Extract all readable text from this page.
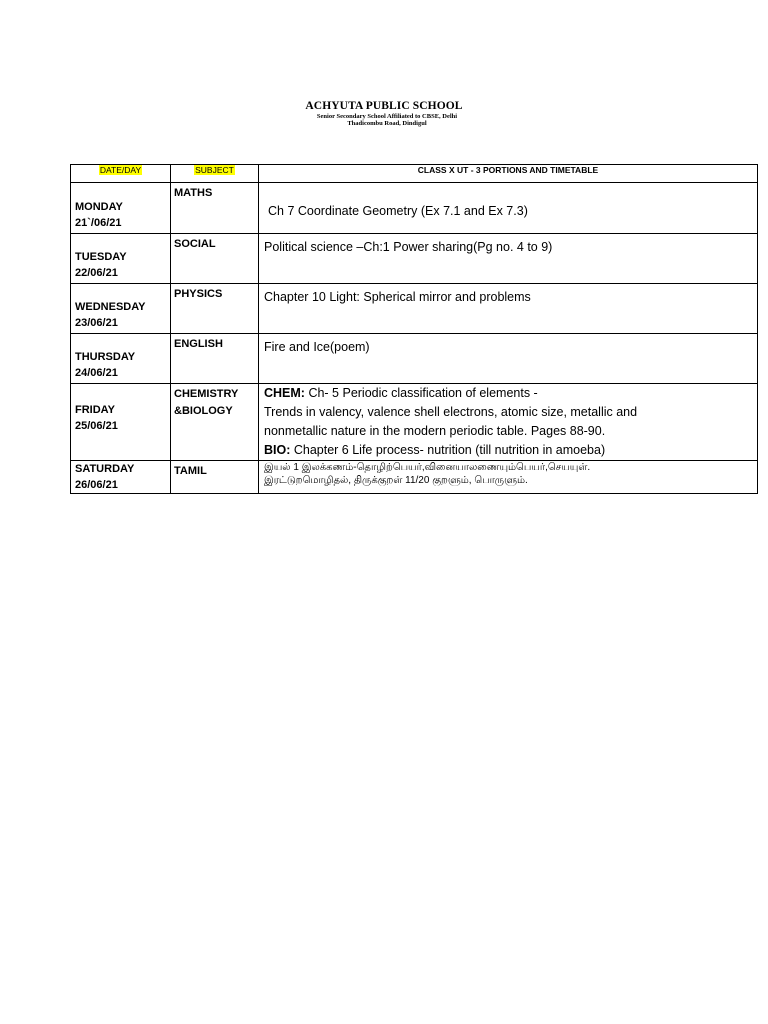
ACHYUTA PUBLIC SCHOOL
Senior Secondary School Affiliated to CBSE, Delhi
Thadicombu Road, Dindigul
DATE/DAY	SUBJECT	CLASS X UT - 3 PORTIONS AND TIMETABLE

MONDAY
21`/06/21	MATHS	Ch 7 Coordinate Geometry (Ex 7.1 and Ex 7.3)

TUESDAY
22/06/21	SOCIAL	Political science –Ch:1 Power sharing(Pg no. 4 to 9)

WEDNESDAY
23/06/21	PHYSICS	Chapter 10 Light: Spherical mirror and problems

THURSDAY
24/06/21	ENGLISH	Fire and Ice(poem)

FRIDAY
25/06/21	CHEMISTRY
&BIOLOGY	CHEM: Ch- 5 Periodic classification of elements -
Trends in valency, valence shell electrons, atomic size, metallic and
nonmetallic nature in the modern periodic table. Pages 88-90.
BIO: Chapter 6 Life process- nutrition (till nutrition in amoeba)

SATURDAY
26/06/21	TAMIL	இயல் 1 இலக்கணம்-தொழிற்பெயர்,வினையாலணையும்பெயர்,செயயுள்.
இரட்டுறமொழிதல், திருக்குறள் 11/20 குறளும், பொருளும்.
